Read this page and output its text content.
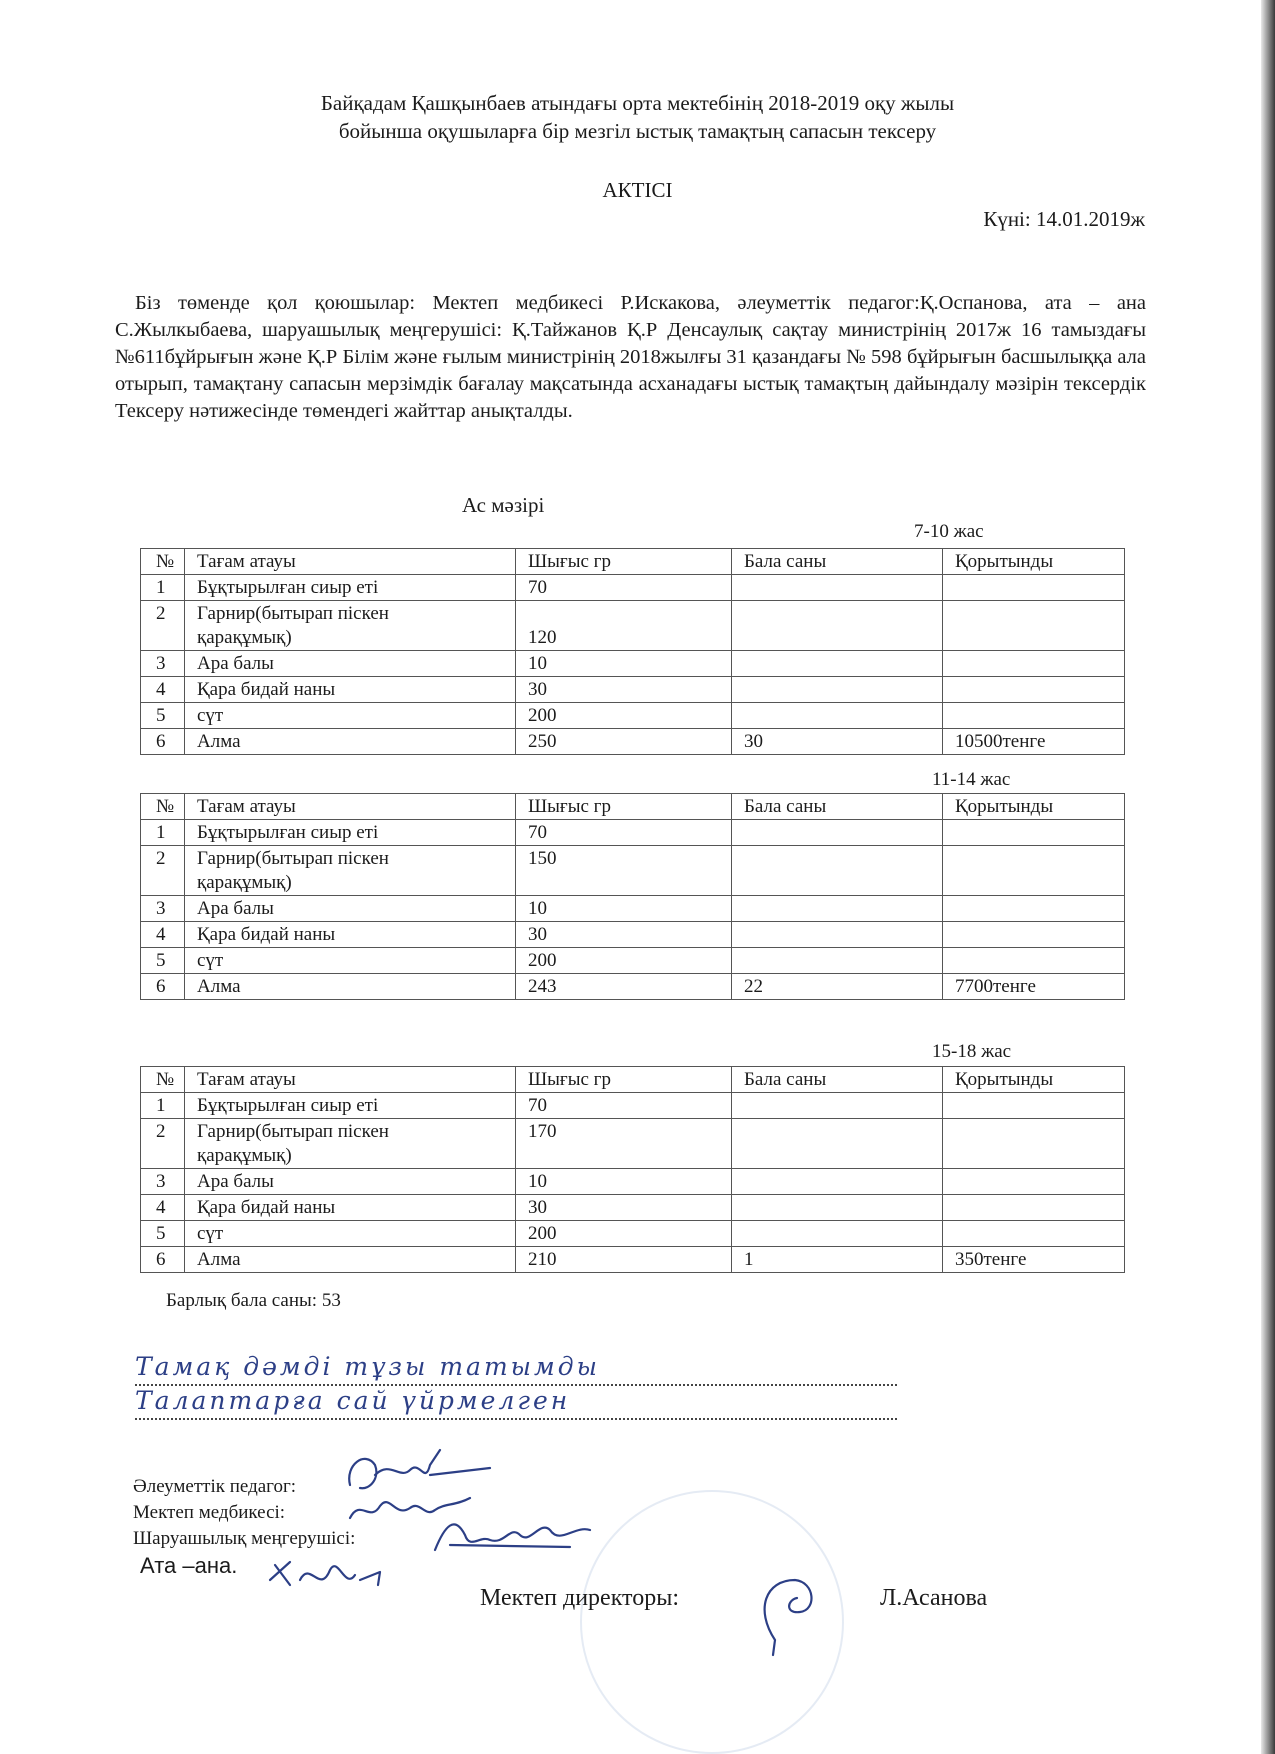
Байқадам Қашқынбаев атындағы орта мектебінің 2018-2019 оқу жылы
бойынша оқушыларға бір мезгіл ыстық тамақтың сапасын тексеру
АКТІСІ
Күні: 14.01.2019ж

Біз төменде қол қоюшылар: Мектеп медбикесі Р.Искакова, әлеуметтік педагог:Қ.Оспанова, ата – ана С.Жылкыбаева, шаруашылық меңгерушісі: Қ.Тайжанов Қ.Р Денсаулық сақтау министрінің 2017ж 16 тамыздағы №611бұйрығын және Қ.Р Білім және ғылым министрінің 2018жылғы 31 қазандағы № 598 бұйрығын басшылыққа ала отырып, тамақтану сапасын мерзімдік бағалау мақсатында асханадағы ыстық тамақтың дайындалу мәзірін тексердік Тексеру нәтижесінде төмендегі жайттар анықталды.

Ас мәзірі
7-10 жас
№	Тағам атауы	Шығыс гр	Бала саны	Қорытынды
1	Бұқтырылған сиыр еті	70		
2	Гарнир(бытырап піскен
қарақұмық)	120		
3	Ара балы	10		
4	Қара бидай наны	30		
5	сүт	200		
6	Алма	250	30	10500тенге
11-14 жас
№	Тағам атауы	Шығыс гр	Бала саны	Қорытынды
1	Бұқтырылған сиыр еті	70		
2	Гарнир(бытырап піскен
қарақұмық)	150		
3	Ара балы	10		
4	Қара бидай наны	30		
5	сүт	200		
6	Алма	243	22	7700тенге
15-18 жас
№	Тағам атауы	Шығыс гр	Бала саны	Қорытынды
1	Бұқтырылған сиыр еті	70		
2	Гарнир(бытырап піскен
қарақұмық)	170		
3	Ара балы	10		
4	Қара бидай наны	30		
5	сүт	200		
6	Алма	210	1	350тенге
Барлық бала саны: 53
Тамақ дәмді тұзы татымды
Талаптарға сай үйрмелген
Әлеуметтік педагог:
Мектеп медбикесі:
Шаруашылық меңгерушісі:
Ата –ана.
Мектеп директоры:	Л.Асанова
